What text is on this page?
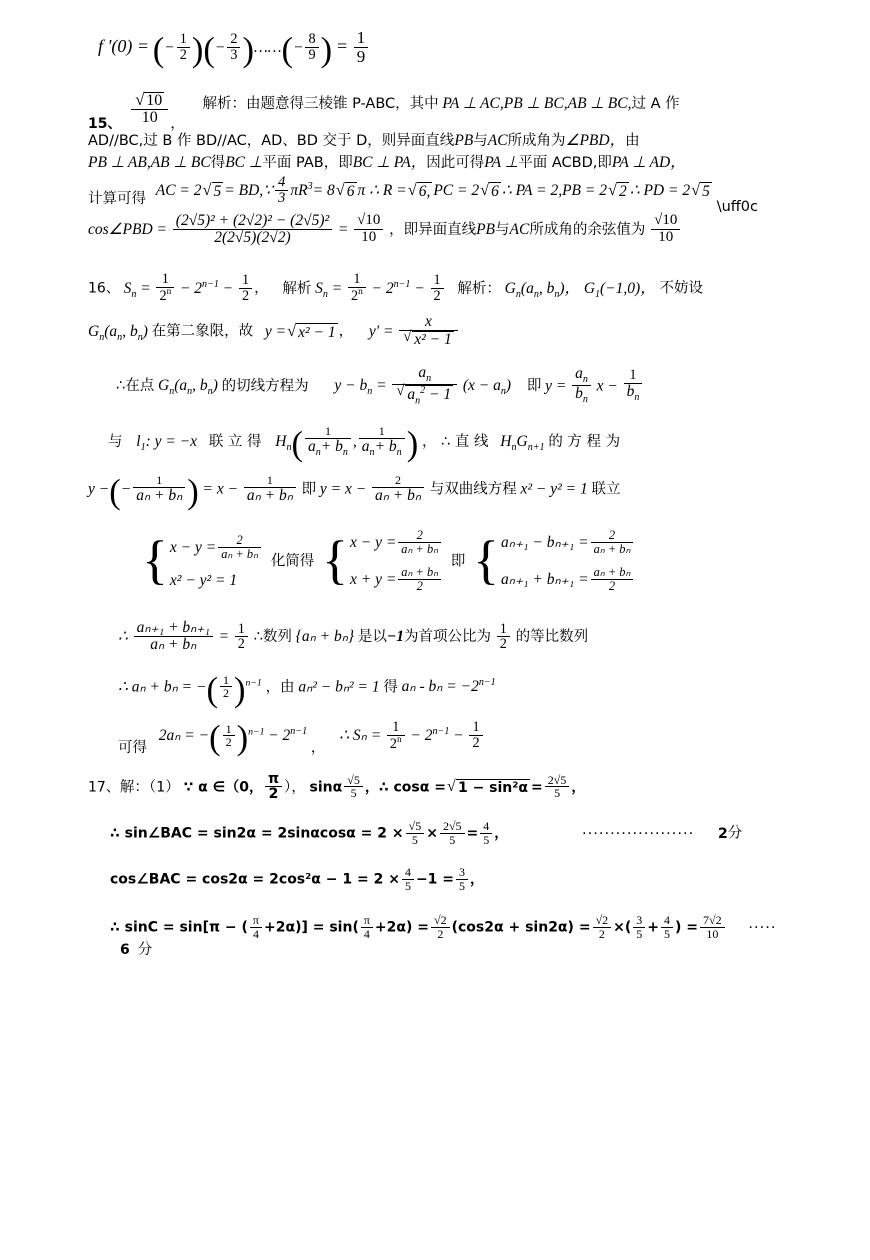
f '(0) = (− $\frac{1}{2}$ )(− $\frac{2}{3}$ )……(− $\frac{8}{9}$ ) = $\frac{1}{9}$
15、 √ $\frac{10}{10}$ ， 解析：由题意得三棱锥 P-ABC，其中 PA ⊥ AC,PB ⊥ BC,AB ⊥ BC,过 A 作
AD//BC,过 B 作 BD//AC，AD、BD 交于 D，则异面直线PB与AC所成角为∠PBD，由
PB ⊥ AB,AB ⊥ BC得BC ⊥平面 PAB，即BC ⊥ PA，因此可得PA ⊥平面 ACBD,即PA ⊥ AD，
计算可得 AC = 2 √ 5 = BD,∵ $\frac{4}{3} \pi R^3= 8$ √ 6 π ∴ R = √ 6, PC = 2 √ 6 ∴ PA = 2,PB = 2 √ 2 ∴ PD = 2 √ 5 \uff0c
cos∠PBD = $\frac{\text{(2√5)² + (2√2)² − (2√5)²}}{2(2√5)(2√2)} = \frac{√10}{10}$ ，即异面直线PB与AC所成角的余弦值为 $\frac{√10}{10}$
16、 $S_n = \frac{1}{2^n} - 2^{n-1} - \frac{1}{2}$ ， 解析 $S_n = \frac{1}{2^n} - 2^{n-1} - \frac{1}{2}$ 解析： $G_n(a_n$, $b_n$)， $G_1(-1,0)$， 不妨设
$G_n(a_n$, $b_n$) 在第二象限，故 y = √ x² − 1 ， y′ = x
√ x² − 1
∴在点 $G_n(a_n$, $b_n$) 的切线方程为 $y - b_n = a_n$
√ $a_n^2 - 1$ $(x - a_n)$ 即 $y = \frac{a_n}{b_n}$ $x - \frac{1}{b_n}$
与 $l_1$: y = −x 联 立 得 $H_n( \frac{1}{a_n+ b_n}$ , $\frac{1}{a_n+ b_n}$ ) ， ∴ 直 线 $H_nG_{n+1}$ 的 方 程 为
y −(− $\frac{1}{\text{aₙ + bₙ}}$ ) = $x - \frac{1}{\text{aₙ + bₙ}}$ 即 $y = x - \frac{2}{\text{aₙ + bₙ}}$ 与双曲线方程 x² − y² = 1 联立
{ $x - y = \frac{2}{\text{aₙ + bₙ}}$
x² − y² = 1
化简得 { $x - y = \frac{2}{\text{aₙ + bₙ}}$
$x + y = \frac{\text{aₙ + bₙ}}{2}$
即 { $a_{n+1} - b_{n+1} = \frac{2}{\text{aₙ + bₙ}}$
$a_{n+1} + b_{n+1} = \frac{\text{aₙ + bₙ}}{2}$
∴ $\frac{\text{aₙ₊₁ + bₙ₊₁}}{\text{aₙ + bₙ}} = \frac{1}{2}$ ∴数列 {aₙ + bₙ} 是以−1为首项公比为 $\frac{1}{2}$ 的等比数列
∴ aₙ + bₙ = −( $\frac{1}{2} )^{n-1}$ ，由 aₙ² − bₙ² = 1 得 $a_n - b_n = -2^{n-1}$
可得 2aₙ = −( $\frac{1}{2} )^{n-1} - 2^{n-1}$ ， ∴ $S_n = \frac{1}{2^n} - 2^{n-1} - \frac{1}{2}$
17、解：（1） ∵ α ∈（0， $\frac{\pi}{2}$ ）， sinα $\frac{√5}{5}$ ，∴ cosα = √ $1 - \sin^2\alpha = \frac{2√5}{5}$ ，
∴ sin∠BAC = $\sin 2\alpha = 2\sin\alpha\cos\alpha = 2 \times \frac{√5}{5} \times \frac{2√5}{5} = \frac{4}{5}$ ，	···················· 2分
cos∠BAC = $\cos 2\alpha = 2\cos^2\alpha - 1 = 2 \times \frac{4}{5} -1 = \frac{3}{5}$ ，
∴ sinC = sin[π − ( $\frac{\pi}{4} +2\alpha)] = \sin( \frac{\pi}{4} +2\alpha) = \frac{√2}{2} (\cos 2\alpha + \sin 2\alpha) = \frac{√2}{2}$ ×( $\frac{3}{5} + \frac{4}{5}$ ) = $\frac{7√2}{10}$ ····· 6 分
